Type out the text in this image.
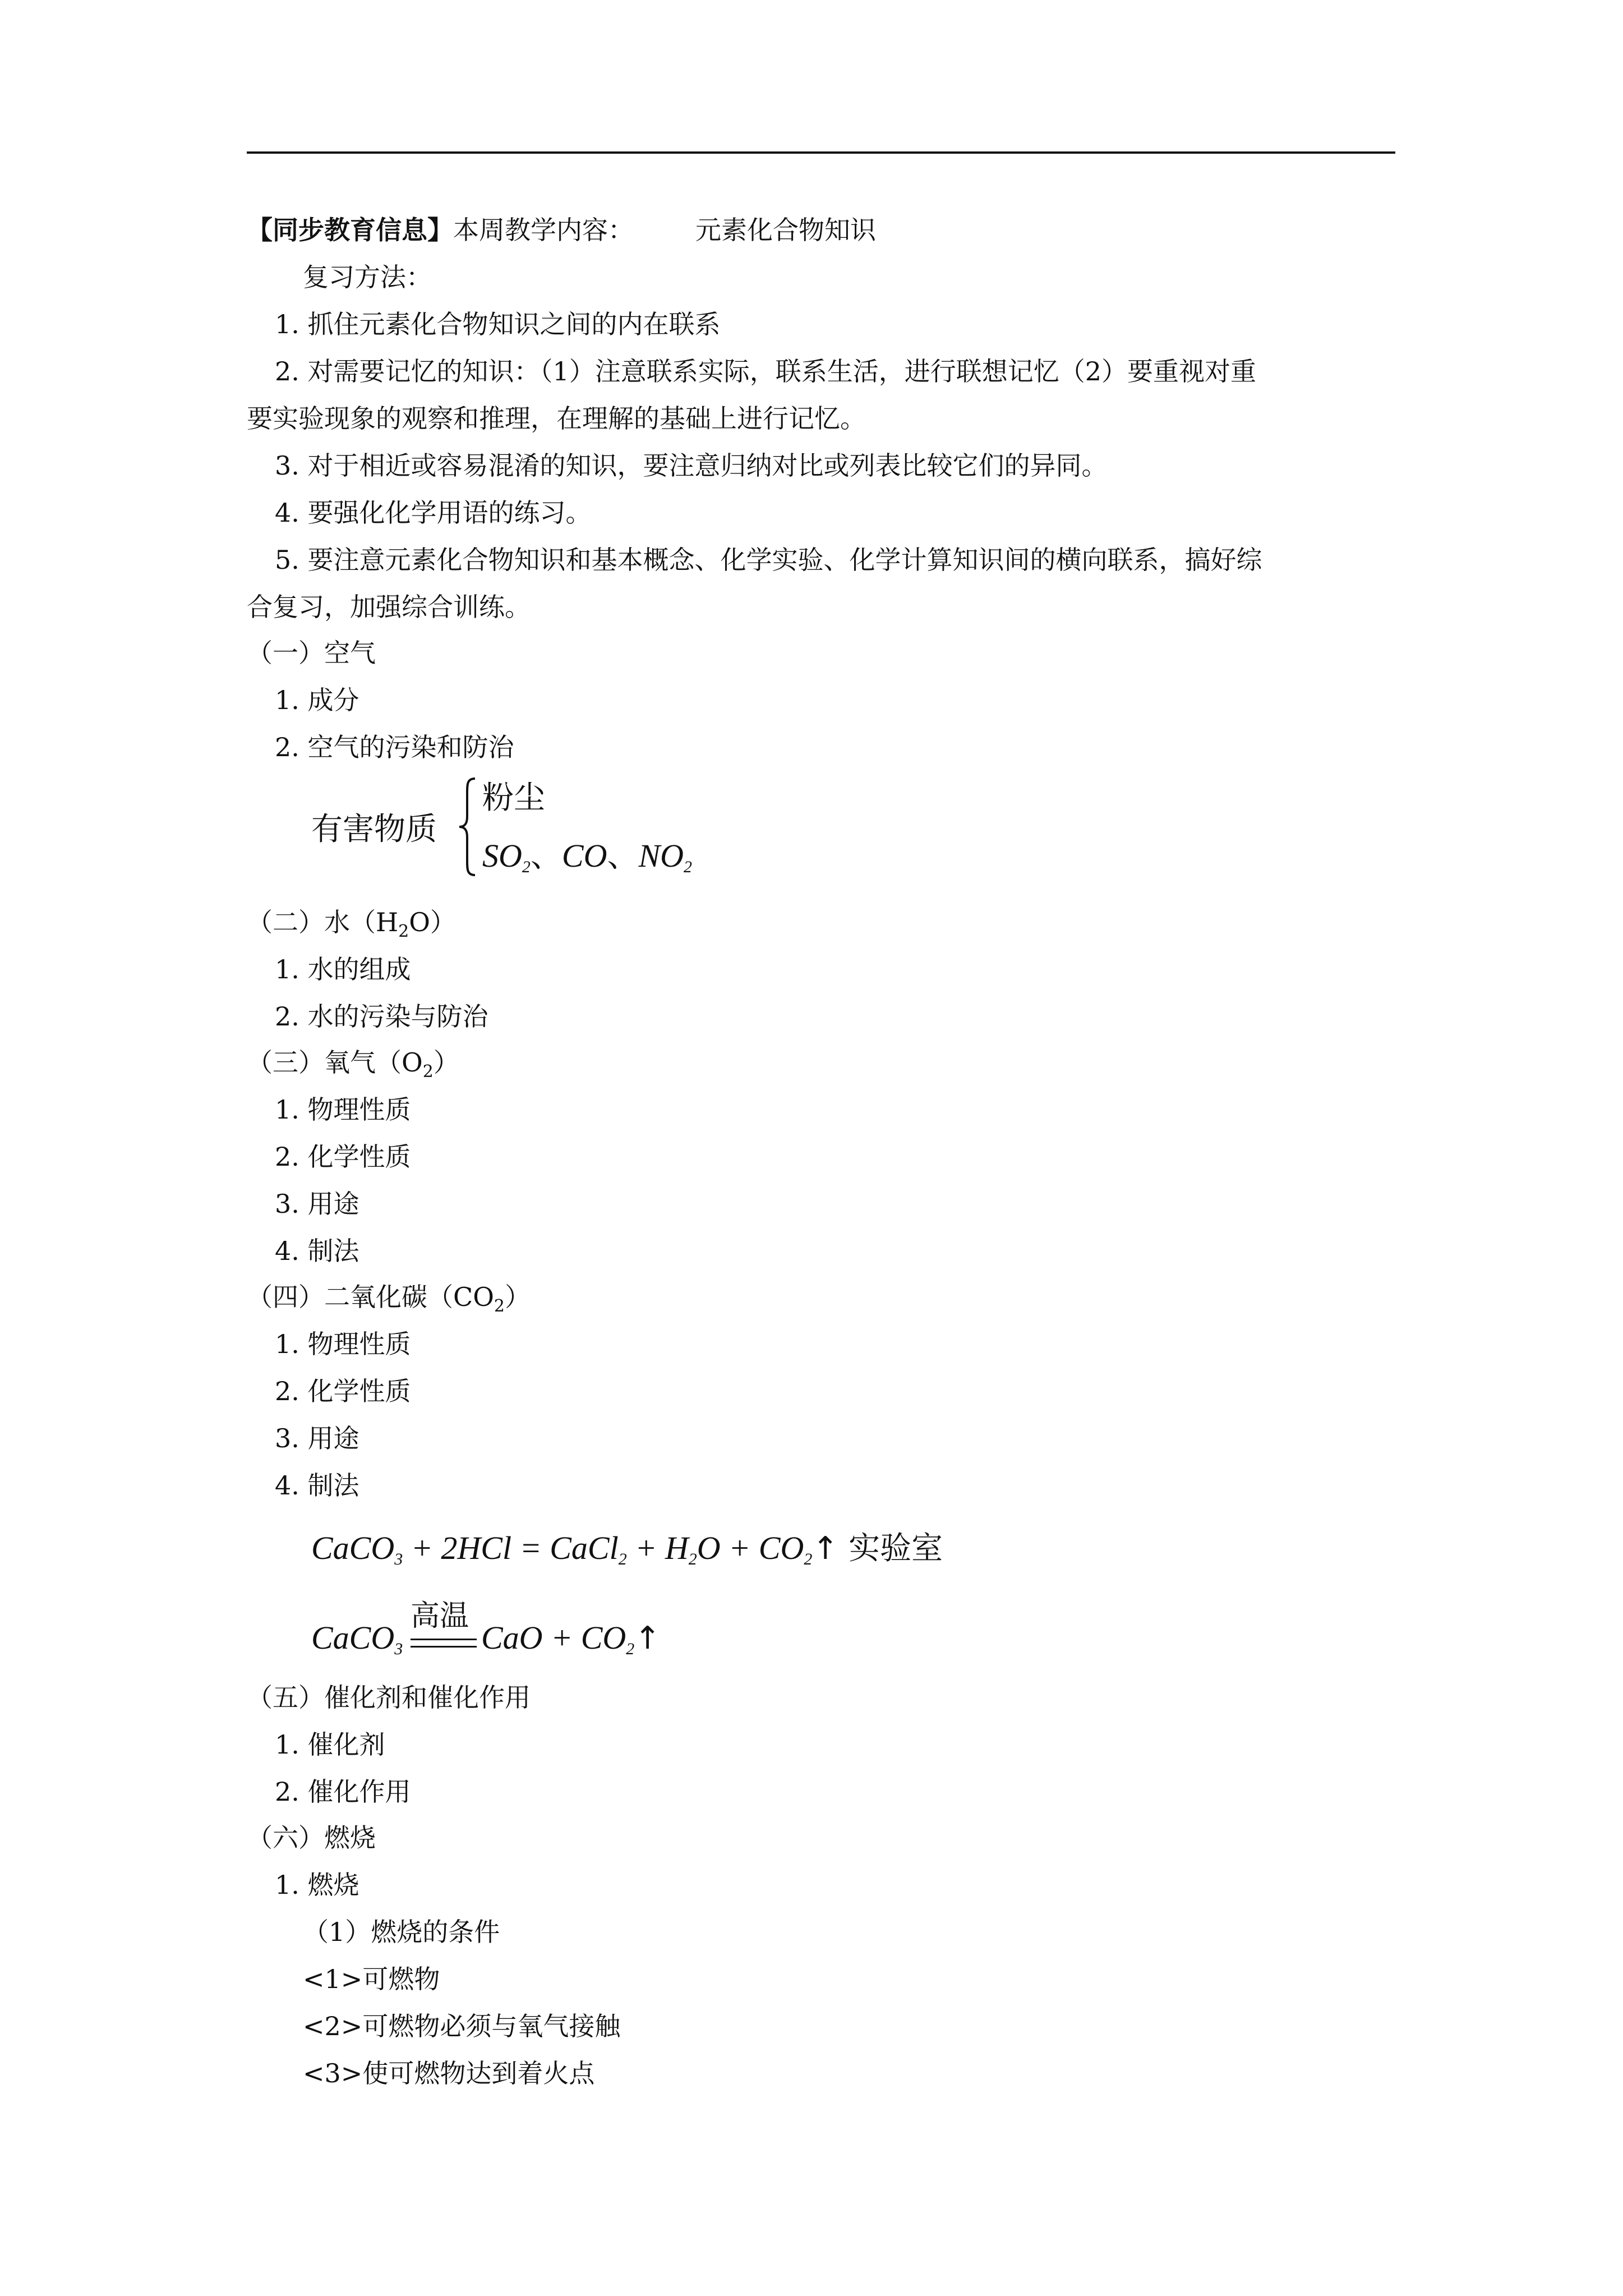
【同步教育信息】本周教学内容： 元素化合物知识
复习方法：
1. 抓住元素化合物知识之间的内在联系
2. 对需要记忆的知识：（1）注意联系实际，联系生活，进行联想记忆（2）要重视对重
要实验现象的观察和推理，在理解的基础上进行记忆。
3. 对于相近或容易混淆的知识，要注意归纳对比或列表比较它们的异同。
4. 要强化化学用语的练习。
5. 要注意元素化合物知识和基本概念、化学实验、化学计算知识间的横向联系，搞好综
合复习，加强综合训练。
（一）空气
1. 成分
2. 空气的污染和防治
有害物质
粉尘
$SO_2$、CO、$NO_2$
（二）水$(H_2O)$
1. 水的组成
2. 水的污染与防治
（三）氧气$(O_2)$
1. 物理性质
2. 化学性质
3. 用途
4. 制法
（四）二氧化碳$(CO_2)$
1. 物理性质
2. 化学性质
3. 用途
4. 制法
CaCO$_3$ + 2HCl = CaCl$_2$ + $H_2O$ + $CO_2↑$ 实验室
CaCO$_3$
高温
CaO + $CO_2↑$
（五）催化剂和催化作用
1. 催化剂
2. 催化作用
（六）燃烧
1. 燃烧
（1）燃烧的条件
<1>可燃物
<2>可燃物必须与氧气接触
<3>使可燃物达到着火点
